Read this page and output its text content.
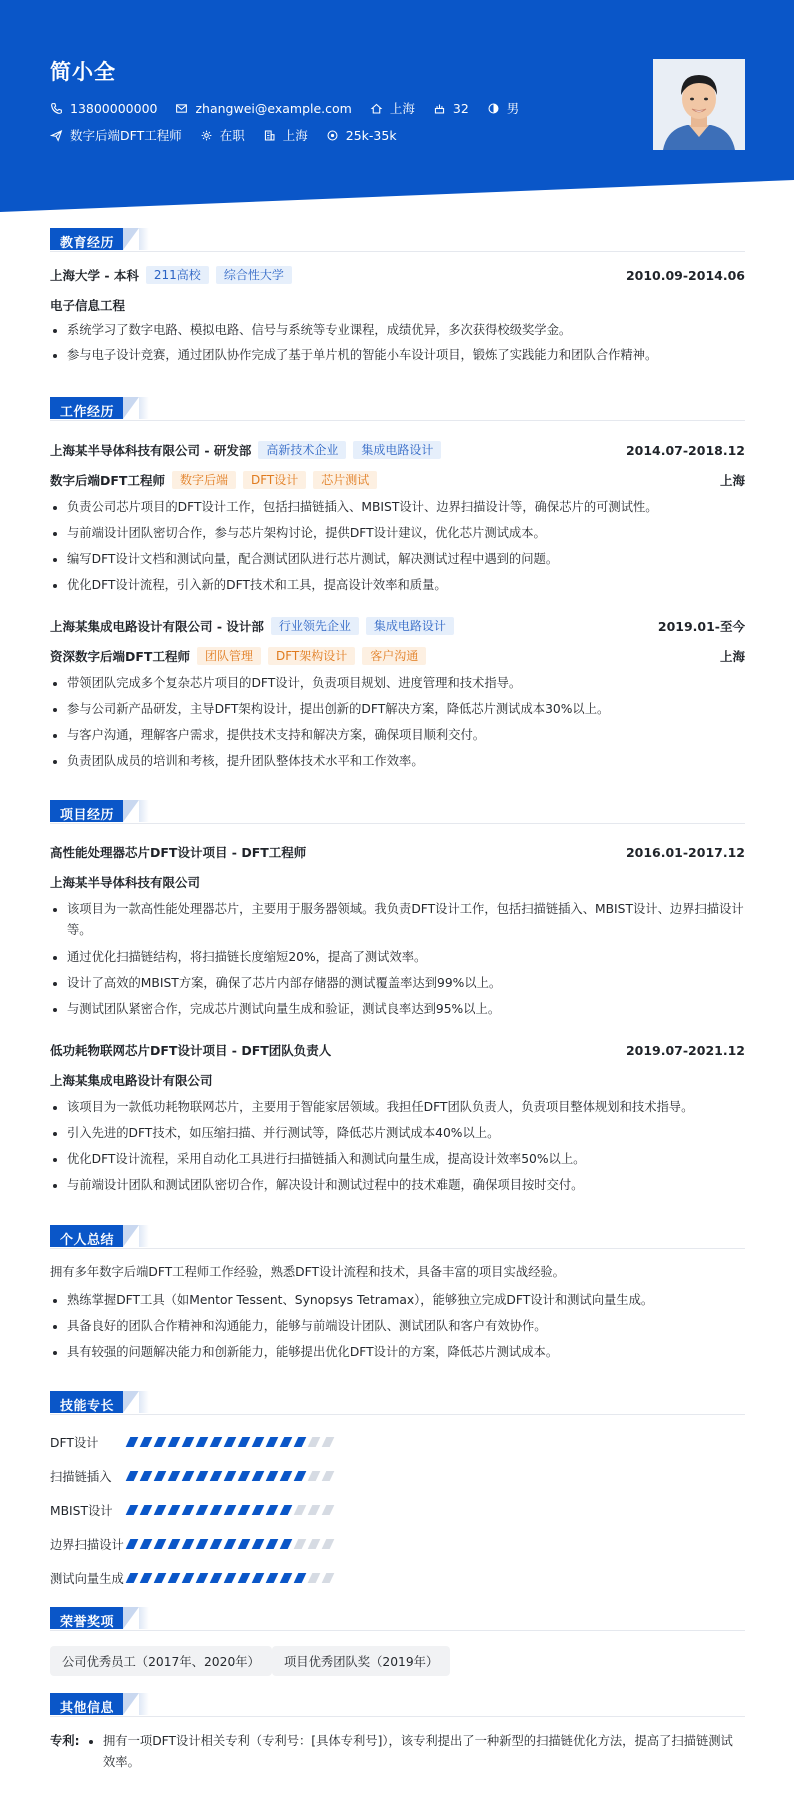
简小全
13800000000	zhangwei@example.com	上海	32	男
数字后端DFT工程师	在职	上海	25k-35k
教育经历
上海大学 - 本科	211高校	综合性大学	2010.09-2014.06
电子信息工程
系统学习了数字电路、模拟电路、信号与系统等专业课程，成绩优异，多次获得校级奖学金。
参与电子设计竞赛，通过团队协作完成了基于单片机的智能小车设计项目，锻炼了实践能力和团队合作精神。
工作经历
上海某半导体科技有限公司 - 研发部	高新技术企业	集成电路设计	2014.07-2018.12
数字后端DFT工程师	数字后端	DFT设计	芯片测试	上海
负责公司芯片项目的DFT设计工作，包括扫描链插入、MBIST设计、边界扫描设计等，确保芯片的可测试性。
与前端设计团队密切合作，参与芯片架构讨论，提供DFT设计建议，优化芯片测试成本。
编写DFT设计文档和测试向量，配合测试团队进行芯片测试，解决测试过程中遇到的问题。
优化DFT设计流程，引入新的DFT技术和工具，提高设计效率和质量。
上海某集成电路设计有限公司 - 设计部	行业领先企业	集成电路设计	2019.01-至今
资深数字后端DFT工程师	团队管理	DFT架构设计	客户沟通	上海
带领团队完成多个复杂芯片项目的DFT设计，负责项目规划、进度管理和技术指导。
参与公司新产品研发，主导DFT架构设计，提出创新的DFT解决方案，降低芯片测试成本30%以上。
与客户沟通，理解客户需求，提供技术支持和解决方案，确保项目顺利交付。
负责团队成员的培训和考核，提升团队整体技术水平和工作效率。
项目经历
高性能处理器芯片DFT设计项目 - DFT工程师	2016.01-2017.12
上海某半导体科技有限公司
该项目为一款高性能处理器芯片，主要用于服务器领域。我负责DFT设计工作，包括扫描链插入、MBIST设计、边界扫描设计等。
通过优化扫描链结构，将扫描链长度缩短20%，提高了测试效率。
设计了高效的MBIST方案，确保了芯片内部存储器的测试覆盖率达到99%以上。
与测试团队紧密合作，完成芯片测试向量生成和验证，测试良率达到95%以上。
低功耗物联网芯片DFT设计项目 - DFT团队负责人	2019.07-2021.12
上海某集成电路设计有限公司
该项目为一款低功耗物联网芯片，主要用于智能家居领域。我担任DFT团队负责人，负责项目整体规划和技术指导。
引入先进的DFT技术，如压缩扫描、并行测试等，降低芯片测试成本40%以上。
优化DFT设计流程，采用自动化工具进行扫描链插入和测试向量生成，提高设计效率50%以上。
与前端设计团队和测试团队密切合作，解决设计和测试过程中的技术难题，确保项目按时交付。
个人总结
拥有多年数字后端DFT工程师工作经验，熟悉DFT设计流程和技术，具备丰富的项目实战经验。
熟练掌握DFT工具（如Mentor Tessent、Synopsys Tetramax），能够独立完成DFT设计和测试向量生成。
具备良好的团队合作精神和沟通能力，能够与前端设计团队、测试团队和客户有效协作。
具有较强的问题解决能力和创新能力，能够提出优化DFT设计的方案，降低芯片测试成本。
技能专长
DFT设计
扫描链插入
MBIST设计
边界扫描设计
测试向量生成
荣誉奖项
公司优秀员工（2017年、2020年）	项目优秀团队奖（2019年）
其他信息
专利:	拥有一项DFT设计相关专利（专利号：[具体专利号]），该专利提出了一种新型的扫描链优化方法，提高了扫描链测试效率。
